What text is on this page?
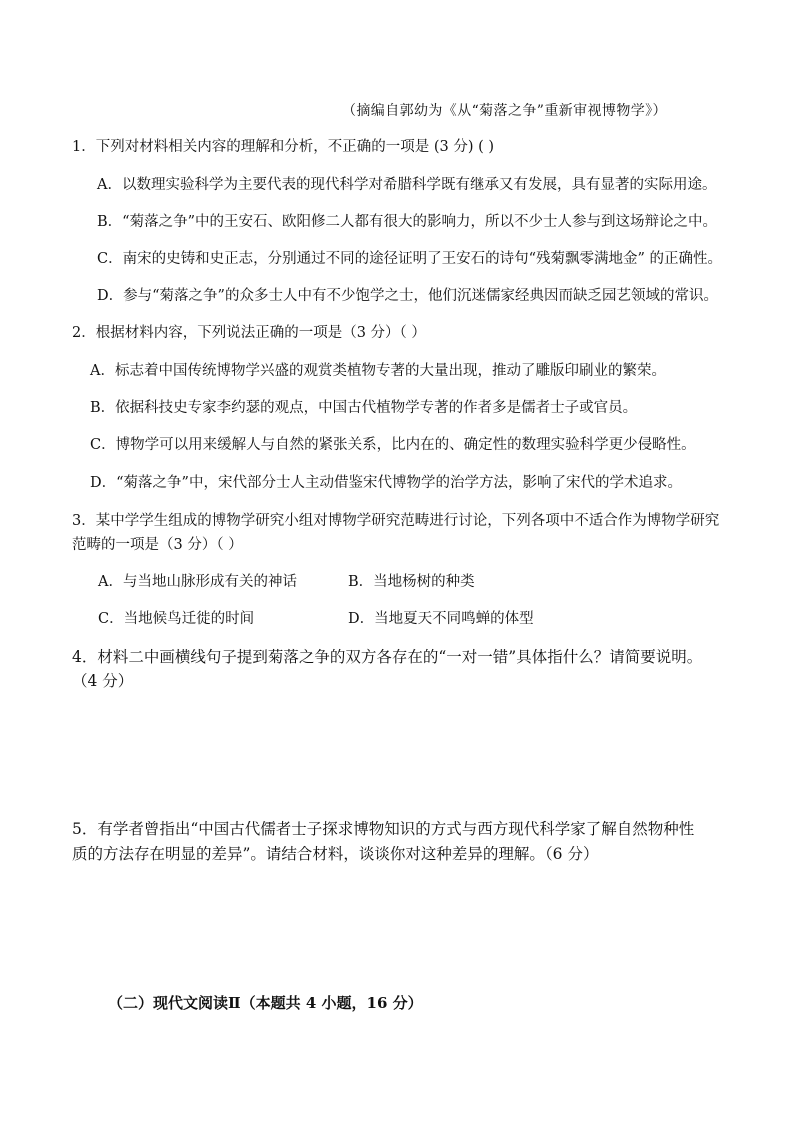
（摘编自郭幼为《从“菊落之争”重新审视博物学》）
1．下列对材料相关内容的理解和分析，不正确的一项是 (3 分) ( )
A．以数理实验科学为主要代表的现代科学对希腊科学既有继承又有发展，具有显著的实际用途。
B．“菊落之争”中的王安石、欧阳修二人都有很大的影响力，所以不少士人参与到这场辩论之中。
C．南宋的史铸和史正志，分别通过不同的途径证明了王安石的诗句“残菊飘零满地金” 的正确性。
D．参与“菊落之争”的众多士人中有不少饱学之士，他们沉迷儒家经典因而缺乏园艺领域的常识。
2．根据材料内容，下列说法正确的一项是（3 分）（ ）
A．标志着中国传统博物学兴盛的观赏类植物专著的大量出现，推动了雕版印刷业的繁荣。
B．依据科技史专家李约瑟的观点，中国古代植物学专著的作者多是儒者士子或官员。
C．博物学可以用来缓解人与自然的紧张关系，比内在的、确定性的数理实验科学更少侵略性。
D．“菊落之争”中，宋代部分士人主动借鉴宋代博物学的治学方法，影响了宋代的学术追求。
3．某中学学生组成的博物学研究小组对博物学研究范畴进行讨论，下列各项中不适合作为博物学研究
范畴的一项是（3 分）（ ）
A．与当地山脉形成有关的神话	B．当地杨树的种类
C．当地候鸟迁徙的时间	D．当地夏天不同鸣蝉的体型
4．材料二中画横线句子提到菊落之争的双方各存在的“一对一错”具体指什么？请简要说明。
（4 分）
5．有学者曾指出“中国古代儒者士子探求博物知识的方式与西方现代科学家了解自然物种性
质的方法存在明显的差异”。请结合材料，谈谈你对这种差异的理解。（6 分）
（二）现代文阅读Ⅱ（本题共 4 小题，16 分）
